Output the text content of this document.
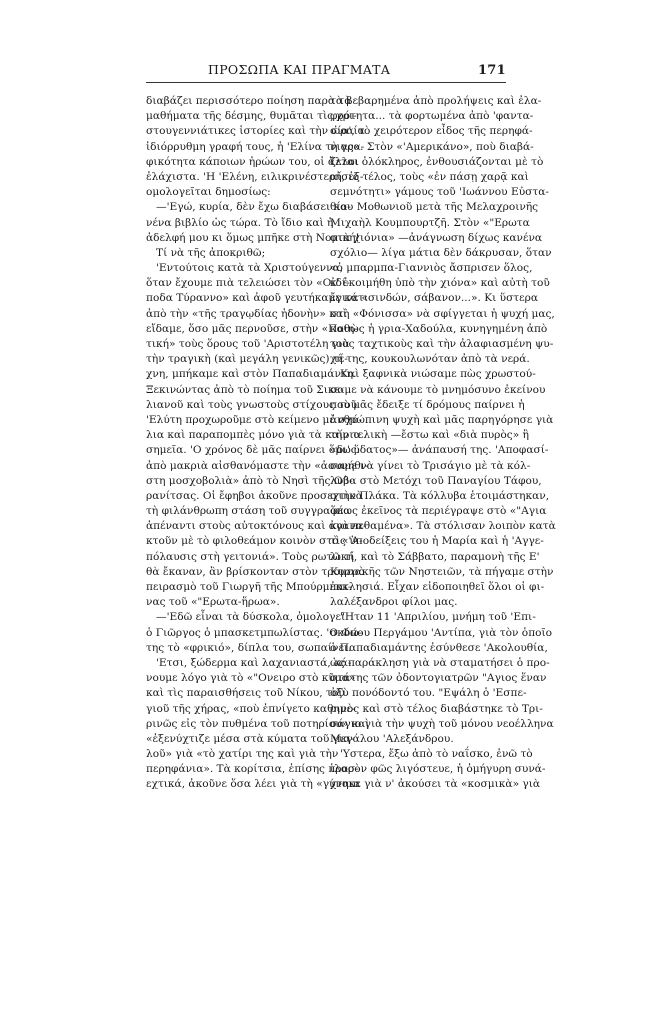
ΠΡΟΣΩΠΑ ΚΑΙ ΠΡΑΓΜΑΤΑ	171
διαβάζει περισσότερο ποίηση παρὰ τὰ
μαθήματα τῆς δέσμης, θυμᾶται τὶς χρι-
στουγεννιάτικες ἱστορίες καὶ τὴν ὡραία
ἰδιόρρυθμη γραφή τους, ἡ 'Ελίνα τὴ γρα-
φικότητα κάποιων ἡρώων του, οἱ ἄλλοι
ἐλάχιστα. 'Η 'Ελένη, ειλικρινέστερη, ἐξ-
ομολογεῖται δημοσίως:
—'Εγώ, κυρία, δὲν ἔχω διαβάσει κα-
νένα βιβλίο ὡς τώρα. Τὸ ἴδιο καὶ ἡ
ἀδελφή μου κι ὅμως μπῆκε στὴ Νομική!
Τί νὰ τῆς ἀποκριθῶ;
'Εντούτοις κατὰ τὰ Χριστούγεννα,
ὅταν ἔχουμε πιὰ τελειώσει τὸν «Οἰδί-
ποδα Τύραννο» καὶ ἀφοῦ γευτήκαμε κάτι
ἀπὸ τὴν «τῆς τραγῳδίας ἡδονὴν» καὶ
εἴδαμε, ὅσο μᾶς περνοῦσε, στὴν «Ποιη-
τική» τοὺς ὅρους τοῦ 'Αριστοτέλη γιὰ
τὴν τραγικὴ (καὶ μεγάλη γενικῶς) τέ-
χνη, μπήκαμε καὶ στὸν Παπαδιαμάντη.
Ξεκινώντας ἀπὸ τὸ ποίημα τοῦ Σικε-
λιανοῦ καὶ τοὺς γνωστοὺς στίχους τοῦ
'Ελύτη προχωροῦμε στὸ κείμενο μὲ σχό-
λια καὶ παραπομπὲς μόνο γιὰ τὰ καίρια
σημεῖα. 'Ο χρόνος δὲ μᾶς παίρνει ὅμως:
ἀπὸ μακριὰ αἰσθανόμαστε τὴν «ἀσυνήθι-
στη μοσχοβολιὰ» ἀπὸ τὸ Νησὶ τῆς Οὐ-
ρανίτσας. Οἱ ἔφηβοι ἀκοῦνε προσεχτικὰ
τὴ φιλάνθρωπη στάση τοῦ συγγραφέα
ἀπέναντι στοὺς αὐτοκτόνους καὶ ἀγανα-
κτοῦν μὲ τὸ φιλοθεάμον κοινὸν στὸ «'Α-
πόλαυσις στὴ γειτονιά». Τοὺς ρωτῶ τί
θὰ ἔκαναν, ἂν βρίσκονταν στὸν τρομερὸ
πειρασμὸ τοῦ Γιωργῆ τῆς Μπούρμπαι-
νας τοῦ «"Ερωτα-ἥρωα».
—'Εδῶ εἶναι τὰ δύσκολα, ὁμολογεῖ
ὁ Γιῶργος ὁ μπασκετμπωλίστας. 'Ο Φώ-
της τὸ «φρικιό», δίπλα του, σωπαίνει.
'Ετσι, ξώδερμα καὶ λαχανιαστά, κά-
νουμε λόγο γιὰ τὸ «"Ονειρο στὸ κῦμα»
καὶ τὶς παραισθήσεις τοῦ Νίκου, τοῦ
γιοῦ τῆς χήρας, «ποὺ ἐπνίγετο καθημε-
ρινῶς εἰς τὸν πυθμένα τοῦ ποτηρίου» καὶ
«ἐξενύχτιζε μέσα στὰ κύματα τοῦ για-
λοῦ» γιὰ «τὸ χατίρι της καὶ γιὰ τὴν
περηφάνια». Τὰ κορίτσια, ἐπίσης προσ-
εχτικά, ἀκοῦνε ὅσα λέει γιὰ τὴ «γύναια
τὰ βεβαρημένα ἀπὸ προλήψεις καὶ ἐλα-
φρότητα... τὰ φορτωμένα ἀπὸ 'φαντα-
σία', τὸ χειρότερον εἶδος τῆς περηφά-
νιας». Στὸν «'Αμερικάνο», ποὺ διαβά-
ζεται ὁλόκληρος, ἐνθουσιάζονται μὲ τὸ
αἴσιο τέλος, τοὺς «ἐν πάσῃ χαρᾷ καὶ
σεμνότητι» γάμους τοῦ 'Ιωάννου Εὐστα-
θίου Μοθωνιοῦ μετὰ τῆς Μελαχροινῆς
Μιχαὴλ Κουμπουρτζῆ. Στὸν «"Ερωτα
στὰ χιόνια» —ἀνάγνωση δίχως κανένα
σχόλιο— λίγα μάτια δὲν δάκρυσαν, ὅταν
«ὁ μπαρμπα-Γιαννιὸς ἄσπρισεν ὅλος,
κ' ἐκοιμήθη ὑπὸ τὴν χιόνα» καὶ αὐτὴ τοῦ
ἔγινε «σινδών, σάβανον...». Κι ὕστερα
στὴ «Φόνισσα» νὰ σφίγγεται ἡ ψυχή μας,
καθὼς ἡ γρια-Χαδούλα, κυνηγημένη ἀπὸ
τοὺς ταχτικοὺς καὶ τὴν ἀλαφιασμένη ψυ-
χή της, κουκουλωνόταν ἀπὸ τὰ νερά.
Καὶ ξαφνικὰ νιώσαμε πὼς χρωστού-
σαμε νὰ κάνουμε τὸ μνημόσυνο ἐκείνου
ποὺ μᾶς ἔδειξε τί δρόμους παίρνει ἡ
ἀνθρώπινη ψυχὴ καὶ μᾶς παρηγόρησε γιὰ
τὴν τελικὴ —ἔστω καὶ «διὰ πυρὸς» ἢ
«δι' ὕδατος»— ἀνάπαυσή της. 'Αποφασί-
σαμε νὰ γίνει τὸ Τρισάγιο μὲ τὰ κόλ-
λυβα στὸ Μετόχι τοῦ Παναγίου Τάφου,
στὴν Πλάκα. Τὰ κόλλυβα ἑτοιμάστηκαν,
ὅπως ἐκεῖνος τὰ περιέγραψε στὸ «"Αγια
καὶ πεθαμένα». Τὰ στόλισαν λοιπὸν κατὰ
τὶς ὑποδείξεις του ἡ Μαρία καὶ ἡ 'Αγγε-
λική, καὶ τὸ Σάββατο, παραμονὴ τῆς Ε'
Κυριακῆς τῶν Νηστειῶν, τὰ πήγαμε στὴν
ἐκκλησιά. Εἶχαν εἰδοποιηθεῖ ὅλοι οἱ φι-
λαλέξανδροι φίλοι μας.
"Ηταν 11 'Απριλίου, μνήμη τοῦ 'Επι-
σκόπου Περγάμου 'Αντίπα, γιὰ τὸν ὁποῖο
ὁ Παπαδιαμάντης ἐσύνθεσε 'Ακολουθία,
ὡς παράκληση γιὰ νὰ σταματήσει ὁ προ-
στάτης τῶν ὀδοντογιατρῶν "Αγιος ἕναν
ὀξὺ πονόδοντό του. "Εψάλη ὁ 'Εσπε-
ρινὸς καὶ στὸ τέλος διαβάστηκε τὸ Τρι-
σάγιο γιὰ τὴν ψυχὴ τοῦ μόνου νεοέλληνα
Μεγάλου 'Αλεξάνδρου.
'Υστερα, ἔξω ἀπὸ τὸ ναΐσκο, ἐνῶ τὸ
ἱλαρὸν φῶς λιγόστευε, ἡ ὁμήγυρη συνά-
χτηκε γιὰ ν' ἀκούσει τὰ «κοσμικὰ» γιὰ
